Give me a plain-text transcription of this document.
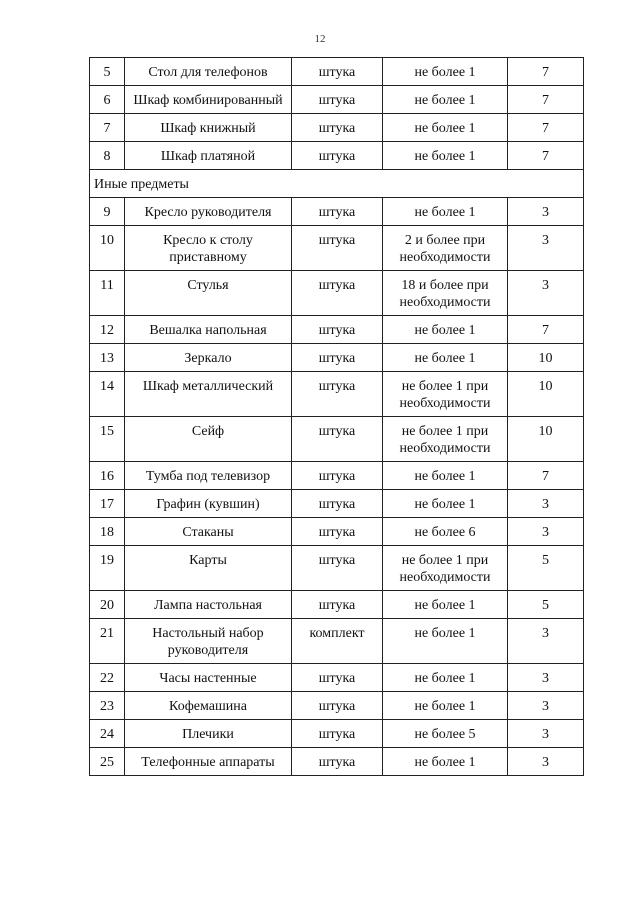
12
5	Стол для телефонов	штука	не более 1	7
6	Шкаф комбинированный	штука	не более 1	7
7	Шкаф книжный	штука	не более 1	7
8	Шкаф платяной	штука	не более 1	7
Иные предметы				
9	Кресло руководителя	штука	не более 1	3
10	Кресло к столу приставному	штука	2 и более при необходимости	3
11	Стулья	штука	18 и более при необходимости	3
12	Вешалка напольная	штука	не более 1	7
13	Зеркало	штука	не более 1	10
14	Шкаф металлический	штука	не более 1 при необходимости	10
15	Сейф	штука	не более 1 при необходимости	10
16	Тумба под телевизор	штука	не более 1	7
17	Графин (кувшин)	штука	не более 1	3
18	Стаканы	штука	не более 6	3
19	Карты	штука	не более 1 при необходимости	5
20	Лампа настольная	штука	не более 1	5
21	Настольный набор руководителя	комплект	не более 1	3
22	Часы настенные	штука	не более 1	3
23	Кофемашина	штука	не более 1	3
24	Плечики	штука	не более 5	3
25	Телефонные аппараты	штука	не более 1	3
